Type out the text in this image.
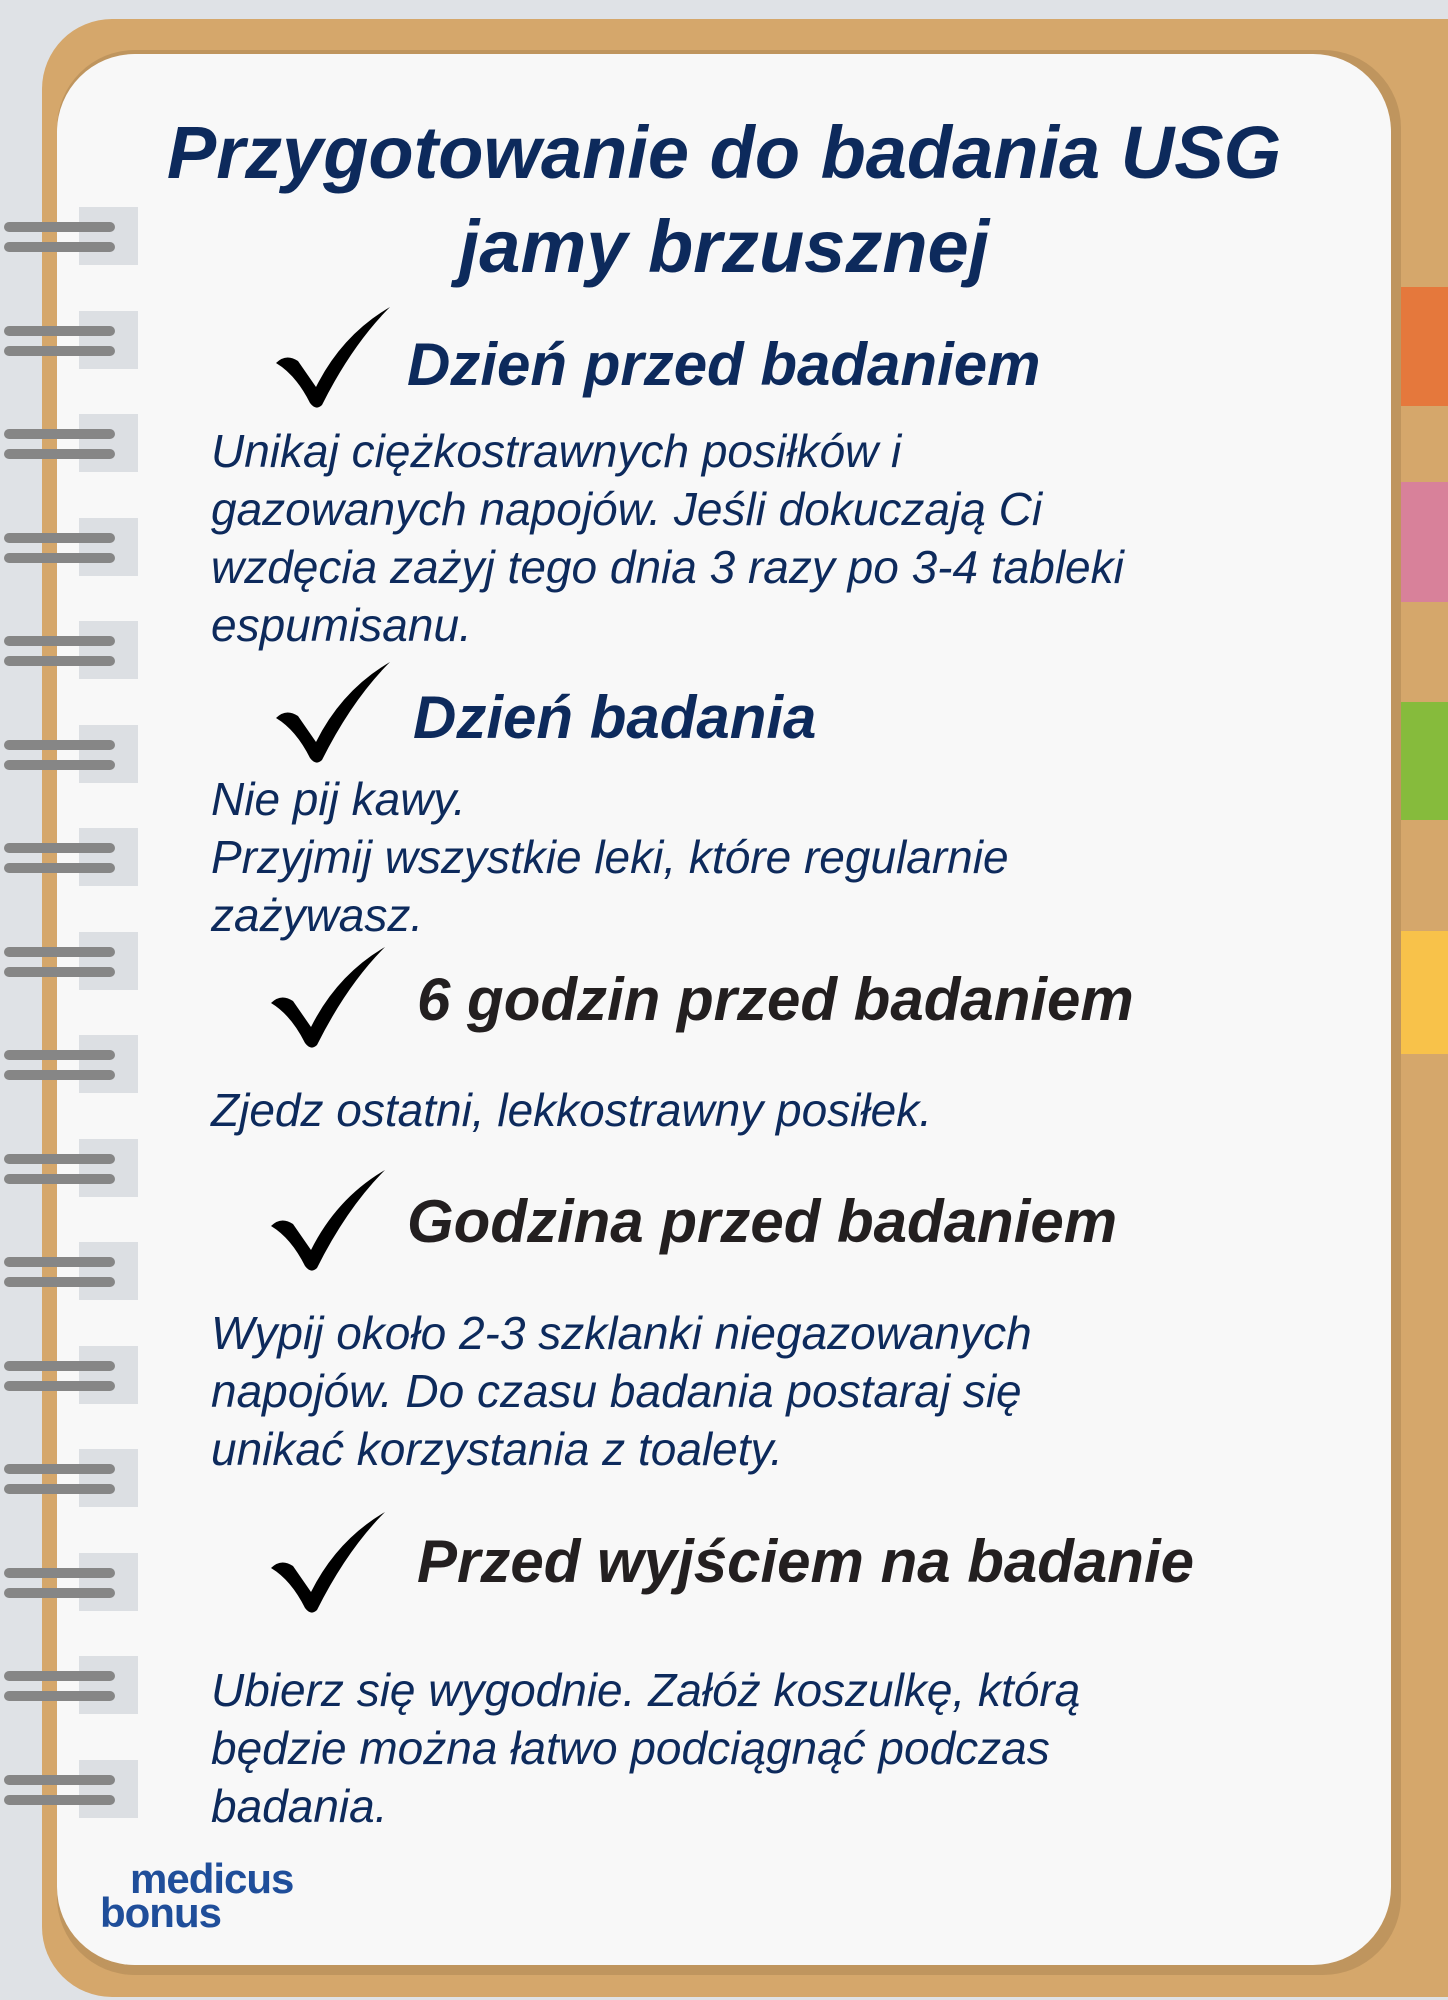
Przygotowanie do badania USG
jamy brzusznej
Dzień przed badaniem
Unikaj ciężkostrawnych posiłków i
gazowanych napojów. Jeśli dokuczają Ci
wzdęcia zażyj tego dnia 3 razy po 3-4 tableki
espumisanu.
Dzień badania
Nie pij kawy.
Przyjmij wszystkie leki, które regularnie
zażywasz.
6 godzin przed badaniem
Zjedz ostatni, lekkostrawny posiłek.
Godzina przed badaniem
Wypij około 2-3 szklanki niegazowanych
napojów. Do czasu badania postaraj się
unikać korzystania z toalety.
Przed wyjściem na badanie
Ubierz się wygodnie. Załóż koszulkę, którą
będzie można łatwo podciągnąć podczas
badania.
medicus
bonus
